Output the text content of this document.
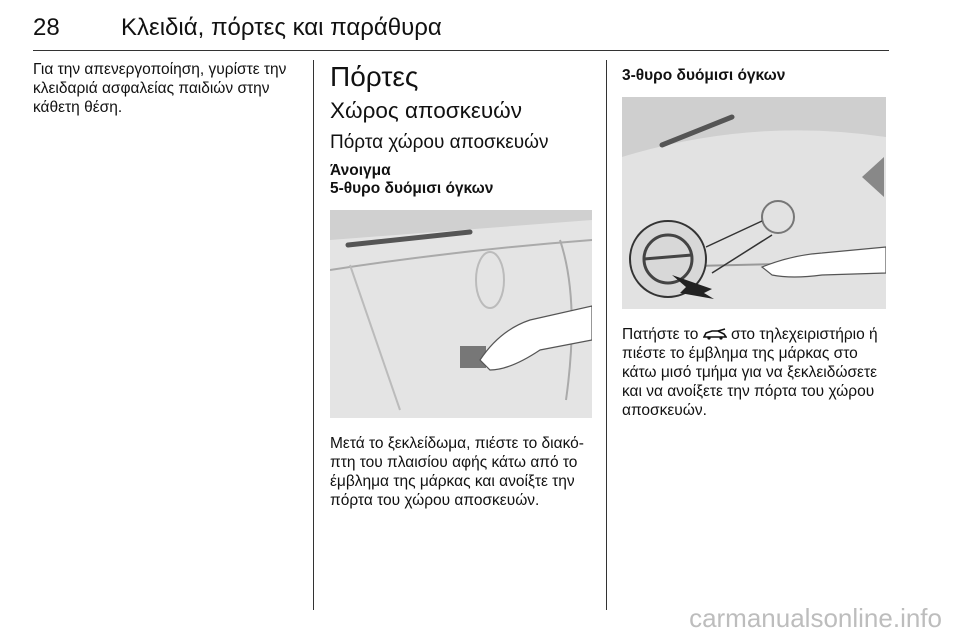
28	Κλειδιά, πόρτες και παράθυρα

Για την απενεργοποίηση, γυρίστε την κλειδαριά ασφαλείας παιδιών στην κάθετη θέση.

Πόρτες
Χώρος αποσκευών
Πόρτα χώρου αποσκευών
Άνοιγμα
5-θυρο δυόμισι όγκων

Μετά το ξεκλείδωμα, πιέστε το διακόπτη του πλαισίου αφής κάτω από το έμβλημα της μάρκας και ανοίξτε την πόρτα του χώρου αποσκευών.

3-θυρο δυόμισι όγκων

Πατήστε το στο τηλεχειριστήριο ή πιέστε το έμβλημα της μάρκας στο κάτω μισό τμήμα για να ξεκλειδώσετε και να ανοίξετε την πόρτα του χώρου αποσκευών.

carmanualsonline.info
